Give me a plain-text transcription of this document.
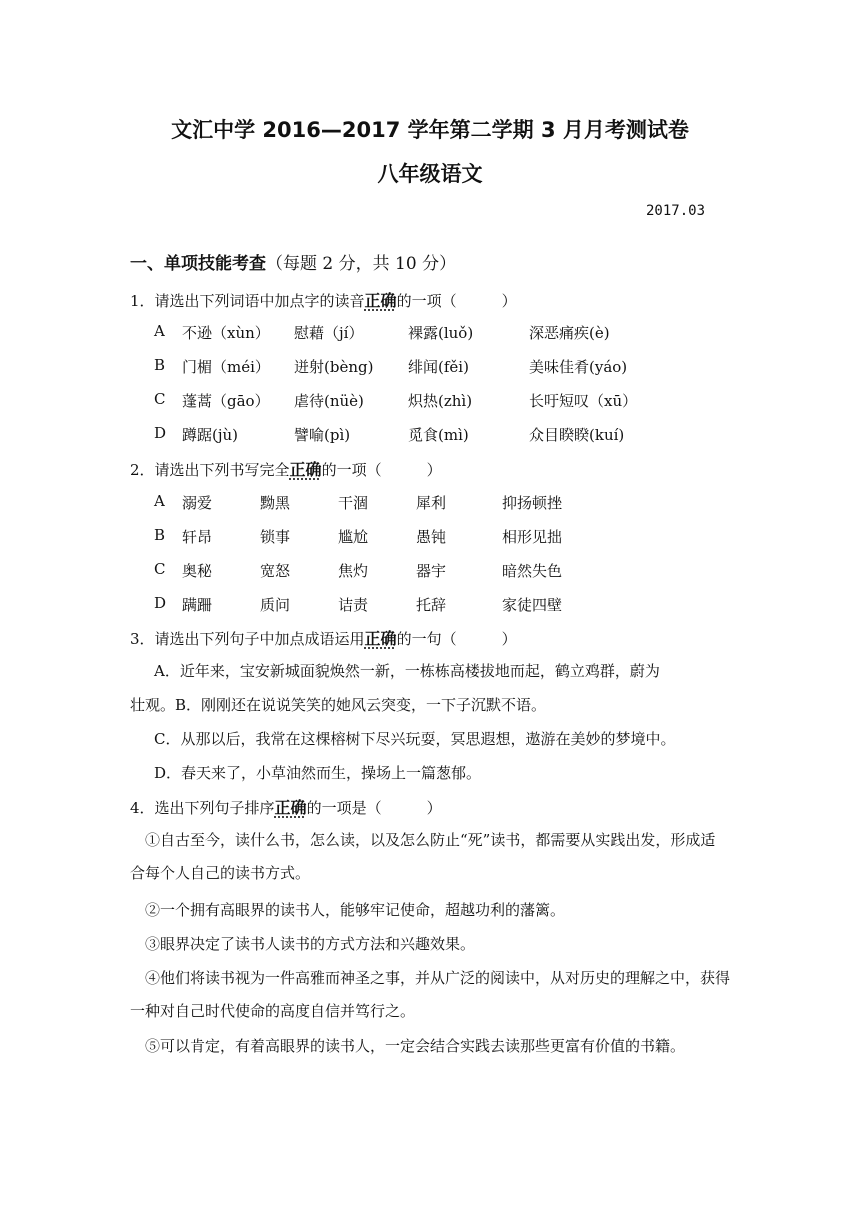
文汇中学 2016—2017 学年第二学期 3 月月考测试卷
八年级语文
2017.03
一、单项技能考查（每题 2 分，共 10 分）
1．请选出下列词语中加点字的读音正确的一项（　　　）
A 不逊（xùn） 慰藉（jí）	裸露(luǒ)	深恶痛疾(è)
B 门楣（méi） 迸射(bèng) 绯闻(fěi)	美味佳肴(yáo)
C 蓬蒿（gāo） 虐待(nüè)	炽热(zhì)	长吁短叹（xū）
D 蹲踞(jù)	譬喻(pì)	觅食(mì)	众目睽睽(kuí)
2．请选出下列书写完全正确的一项（　　　）
A 溺爱	黝黑	干涸	犀利	抑扬顿挫
B 轩昂	锁事	尴尬	愚钝	相形见拙
C 奥秘	宽怒	焦灼	器宇	暗然失色
D 蹒跚	质问	诘责	托辞	家徒四壁
3．请选出下列句子中加点成语运用正确的一句（　　　）
A．近年来，宝安新城面貌焕然一新，一栋栋高楼拔地而起，鹤立鸡群，蔚为
壮观。B．刚刚还在说说笑笑的她风云突变，一下子沉默不语。
C．从那以后，我常在这棵榕树下尽兴玩耍，冥思遐想，遨游在美妙的梦境中。
D．春天来了，小草油然而生，操场上一篇葱郁。
4．选出下列句子排序正确的一项是（　　　）
①自古至今，读什么书，怎么读，以及怎么防止“死”读书，都需要从实践出发，形成适合每个人自己的读书方式。
②一个拥有高眼界的读书人，能够牢记使命，超越功利的藩篱。
③眼界决定了读书人读书的方式方法和兴趣效果。
④他们将读书视为一件高雅而神圣之事，并从广泛的阅读中，从对历史的理解之中，获得一种对自己时代使命的高度自信并笃行之。
⑤可以肯定，有着高眼界的读书人，一定会结合实践去读那些更富有价值的书籍。
